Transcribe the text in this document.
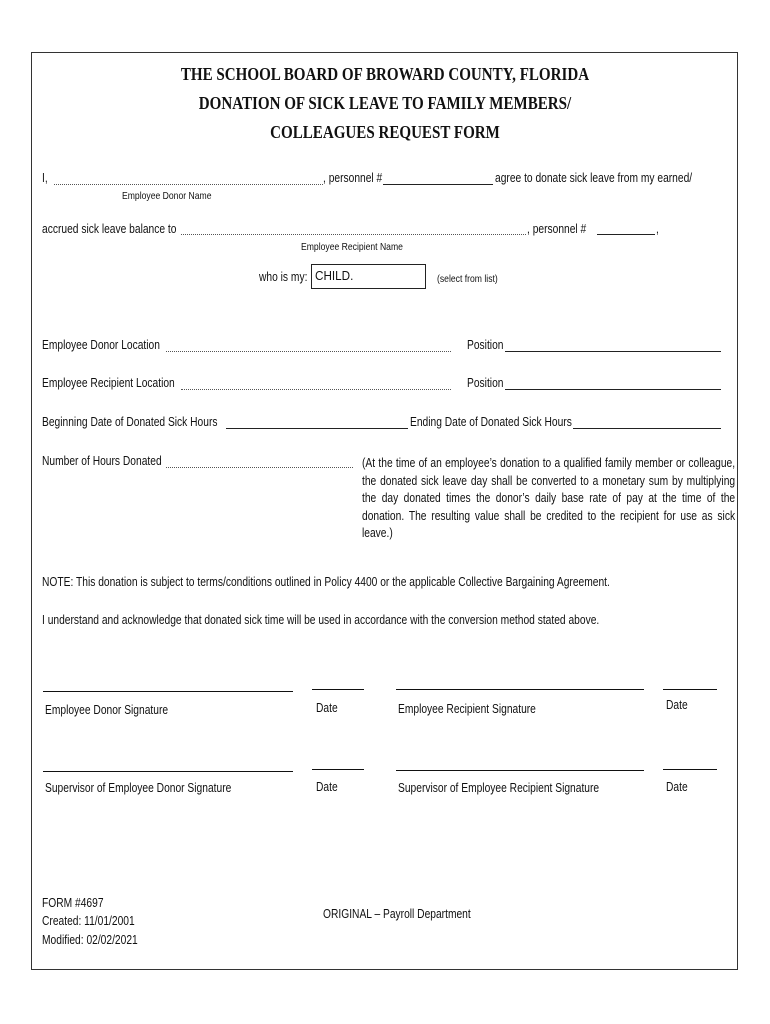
THE SCHOOL BOARD OF BROWARD COUNTY, FLORIDA
DONATION OF SICK LEAVE TO FAMILY MEMBERS/
COLLEAGUES REQUEST FORM
I,	, personnel #	agree to donate sick leave from my earned/
Employee Donor Name
accrued sick leave balance to	, personnel #	,
Employee Recipient Name
who is my: CHILD.	(select from list)
Employee Donor Location	Position
Employee Recipient Location	Position
Beginning Date of Donated Sick Hours	Ending Date of Donated Sick Hours
Number of Hours Donated	(At the time of an employee’s donation to a qualified family member or colleague, the donated sick leave day shall be converted to a monetary sum by multiplying the day donated times the donor’s daily base rate of pay at the time of the donation. The resulting value shall be credited to the recipient for use as sick leave.)
NOTE: This donation is subject to terms/conditions outlined in Policy 4400 or the applicable Collective Bargaining Agreement.
I understand and acknowledge that donated sick time will be used in accordance with the conversion method stated above.
Employee Donor Signature	Date	Employee Recipient Signature	Date
Supervisor of Employee Donor Signature	Date	Supervisor of Employee Recipient Signature	Date
FORM #4697
Created: 11/01/2001
Modified: 02/02/2021
ORIGINAL – Payroll Department
